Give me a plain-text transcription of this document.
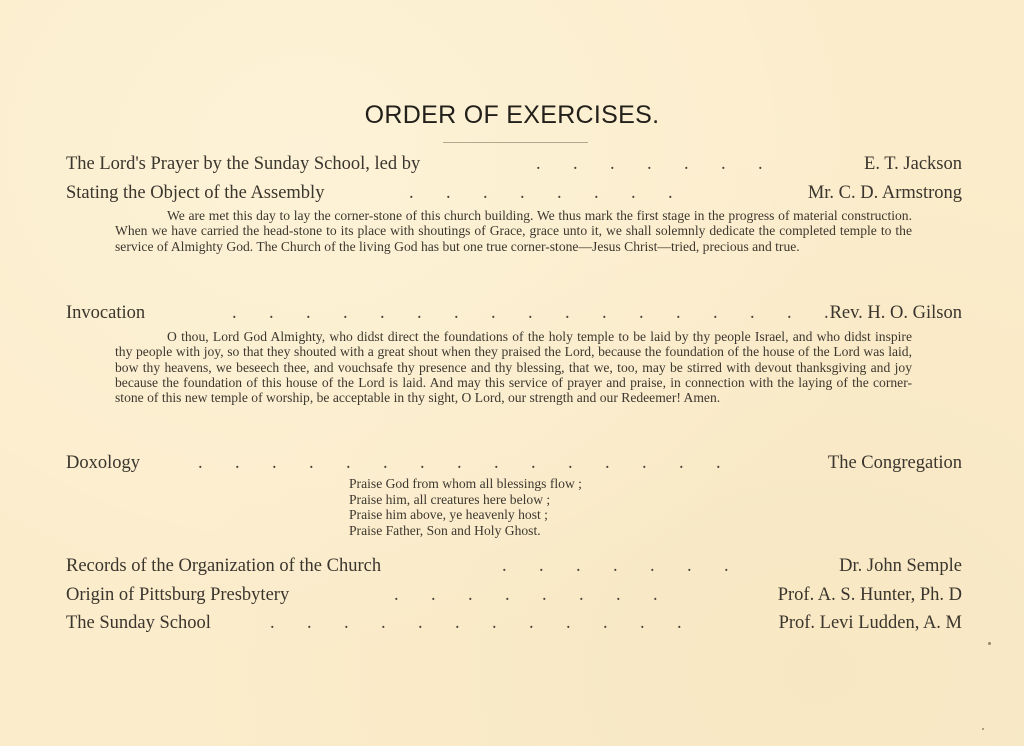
ORDER OF EXERCISES.
The Lord's Prayer by the Sunday School, led by	.       .       .       .       .       .       .	E. T. Jackson
Stating the Object of the Assembly	.       .       .       .       .       .       .       .	Mr. C. D. Armstrong
We are met this day to lay the corner-stone of this church building. We thus mark the first stage in the progress of material construction. When we have carried the head-stone to its place with shoutings of Grace, grace unto it, we shall solemnly dedicate the completed temple to the service of Almighty God. The Church of the living God has but one true corner-stone—Jesus Christ—tried, precious and true.
Invocation	.       .       .       .       .       .       .       .       .       .       .       .       .       .       .       .       . Rev. H. O. Gilson
O thou, Lord God Almighty, who didst direct the foundations of the holy temple to be laid by thy people Israel, and who didst inspire thy people with joy, so that they shouted with a great shout when they praised the Lord, because the foundation of the house of the Lord was laid, bow thy heavens, we beseech thee, and vouchsafe thy presence and thy blessing, that we, too, may be stirred with devout thanksgiving and joy because the foundation of this house of the Lord is laid. And may this service of prayer and praise, in connection with the laying of the corner-stone of this new temple of worship, be acceptable in thy sight, O Lord, our strength and our Redeemer! Amen.
Doxology	.       .       .       .       .       .       .       .       .       .       .       .       .       .       .	The Congregation
Praise God from whom all blessings flow ;
Praise him, all creatures here below ;
Praise him above, ye heavenly host ;
Praise Father, Son and Holy Ghost.
Records of the Organization of the Church	.       .       .       .       .       .       .	Dr. John Semple
Origin of Pittsburg Presbytery	.       .       .       .       .       .       .       .	Prof. A. S. Hunter, Ph. D
The Sunday School	.       .       .       .       .       .       .       .       .       .       .       .	Prof. Levi Ludden, A. M
